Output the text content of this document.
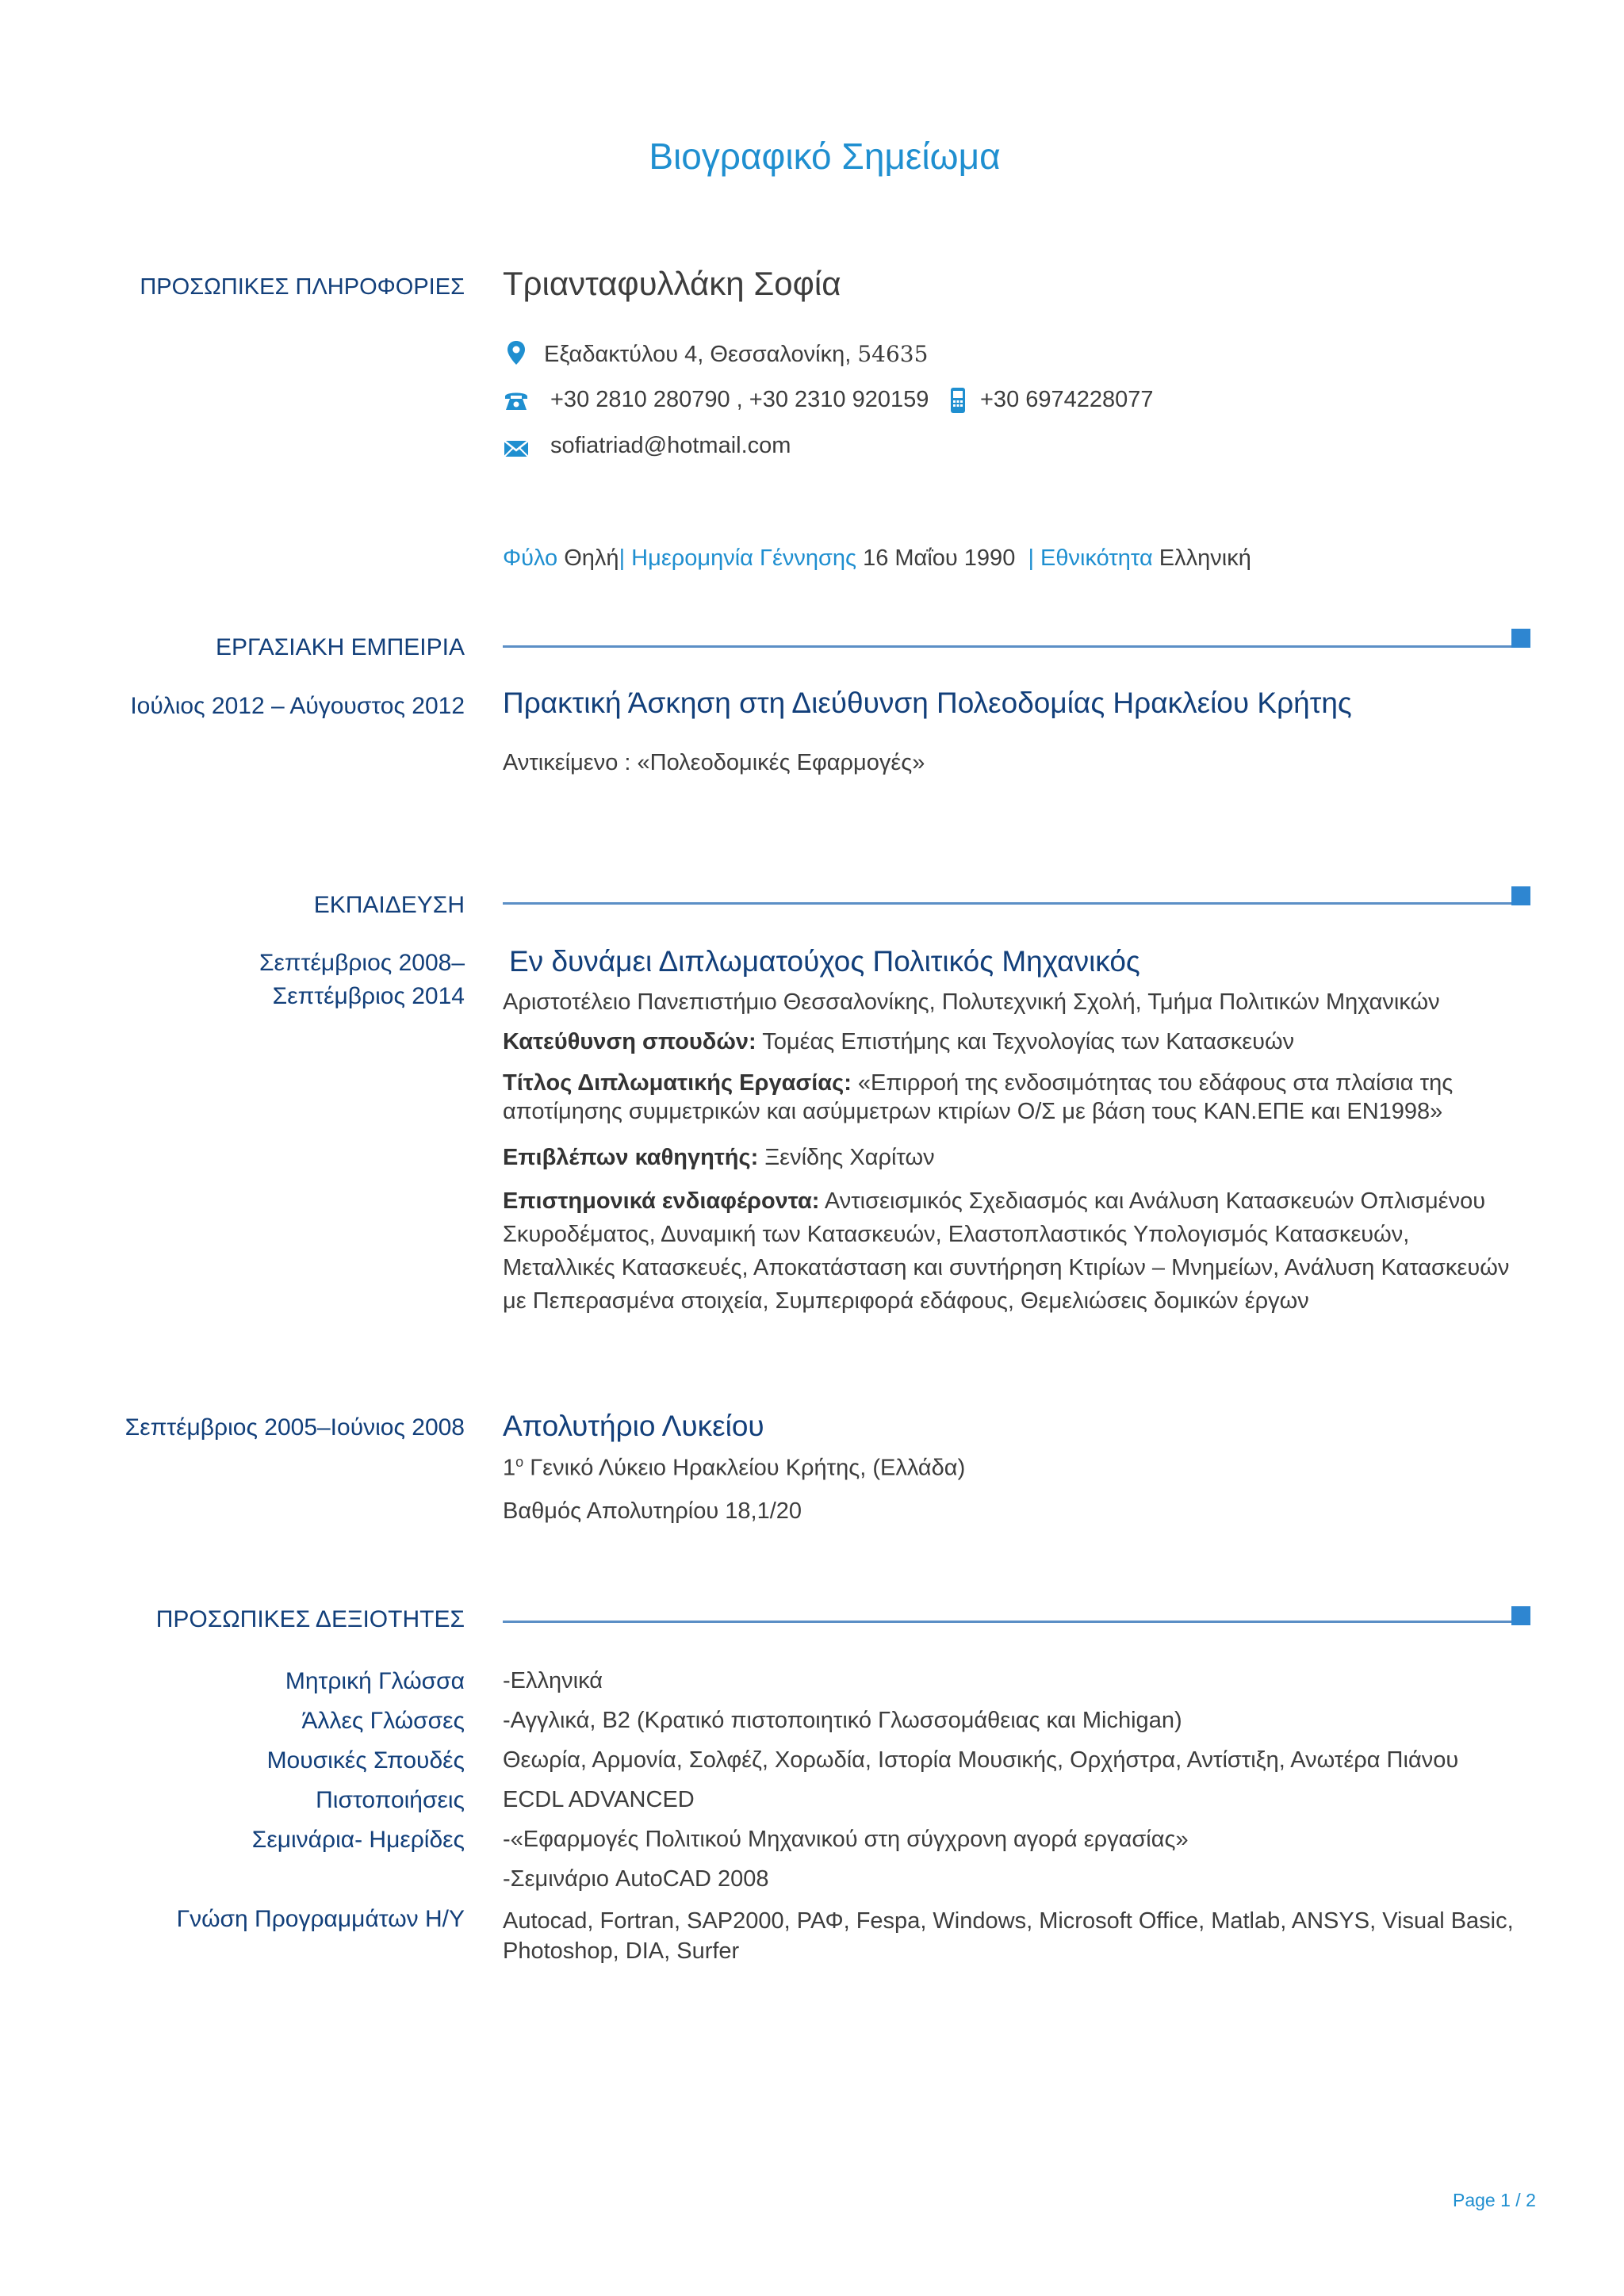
Βιογραφικό Σημείωμα
ΠΡΟΣΩΠΙΚΕΣ ΠΛΗΡΟΦΟΡΙΕΣ Τριανταφυλλάκη Σοφία
Εξαδακτύλου 4, Θεσσαλονίκη, 54635
+30 2810 280790 , +30 2310 920159 +30 6974228077
sofiatriad@hotmail.com
Φύλο Θηλή| Ημερομηνία Γέννησης 16 Μαΐου 1990 | Εθνικότητα Ελληνική
ΕΡΓΑΣΙΑΚΗ ΕΜΠΕΙΡΙΑ
Ιούλιος 2012 – Αύγουστος 2012 Πρακτική Άσκηση στη Διεύθυνση Πολεοδομίας Ηρακλείου Κρήτης
Αντικείμενο : «Πολεοδομικές Εφαρμογές»
ΕΚΠΑΙΔΕΥΣΗ
Σεπτέμβριος 2008–
Σεπτέμβριος 2014
Εν δυνάμει Διπλωματούχος Πολιτικός Μηχανικός
Αριστοτέλειο Πανεπιστήμιο Θεσσαλονίκης, Πολυτεχνική Σχολή, Τμήμα Πολιτικών Μηχανικών
Κατεύθυνση σπουδών: Τομέας Επιστήμης και Τεχνολογίας των Κατασκευών
Τίτλος Διπλωματικής Εργασίας: «Επιρροή της ενδοσιμότητας του εδάφους στα πλαίσια της αποτίμησης συμμετρικών και ασύμμετρων κτιρίων Ο/Σ με βάση τους ΚΑΝ.ΕΠΕ και ΕΝ1998»
Επιβλέπων καθηγητής: Ξενίδης Χαρίτων
Επιστημονικά ενδιαφέροντα: Αντισεισμικός Σχεδιασμός και Ανάλυση Κατασκευών Οπλισμένου Σκυροδέματος, Δυναμική των Κατασκευών, Ελαστοπλαστικός Υπολογισμός Κατασκευών, Μεταλλικές Κατασκευές, Αποκατάσταση και συντήρηση Κτιρίων – Μνημείων, Ανάλυση Κατασκευών με Πεπερασμένα στοιχεία, Συμπεριφορά εδάφους, Θεμελιώσεις δομικών έργων
Σεπτέμβριος 2005–Ιούνιος 2008 Απολυτήριο Λυκείου
$1^o$ Γενικό Λύκειο Ηρακλείου Κρήτης, (Ελλάδα)
Βαθμός Απολυτηρίου 18,1/20
ΠΡΟΣΩΠΙΚΕΣ ΔΕΞΙΟΤΗΤΕΣ
Μητρική Γλώσσα -Ελληνικά
Άλλες Γλώσσες -Αγγλικά, Β2 (Κρατικό πιστοποιητικό Γλωσσομάθειας και Michigan)
Μουσικές Σπουδές Θεωρία, Αρμονία, Σολφέζ, Χορωδία, Ιστορία Μουσικής, Ορχήστρα, Αντίστιξη, Ανωτέρα Πιάνου
Πιστοποιήσεις ECDL ADVANCED
Σεμινάρια- Ημερίδες -«Εφαρμογές Πολιτικού Μηχανικού στη σύγχρονη αγορά εργασίας»
-Σεμινάριο AutoCAD 2008
Γνώση Προγραμμάτων Η/Υ Autocad, Fortran, SAP2000, ΡΑΦ, Fespa, Windows, Microsoft Office, Matlab, ANSYS, Visual Basic, Photoshop, DIA, Surfer
Page 1 / 2
